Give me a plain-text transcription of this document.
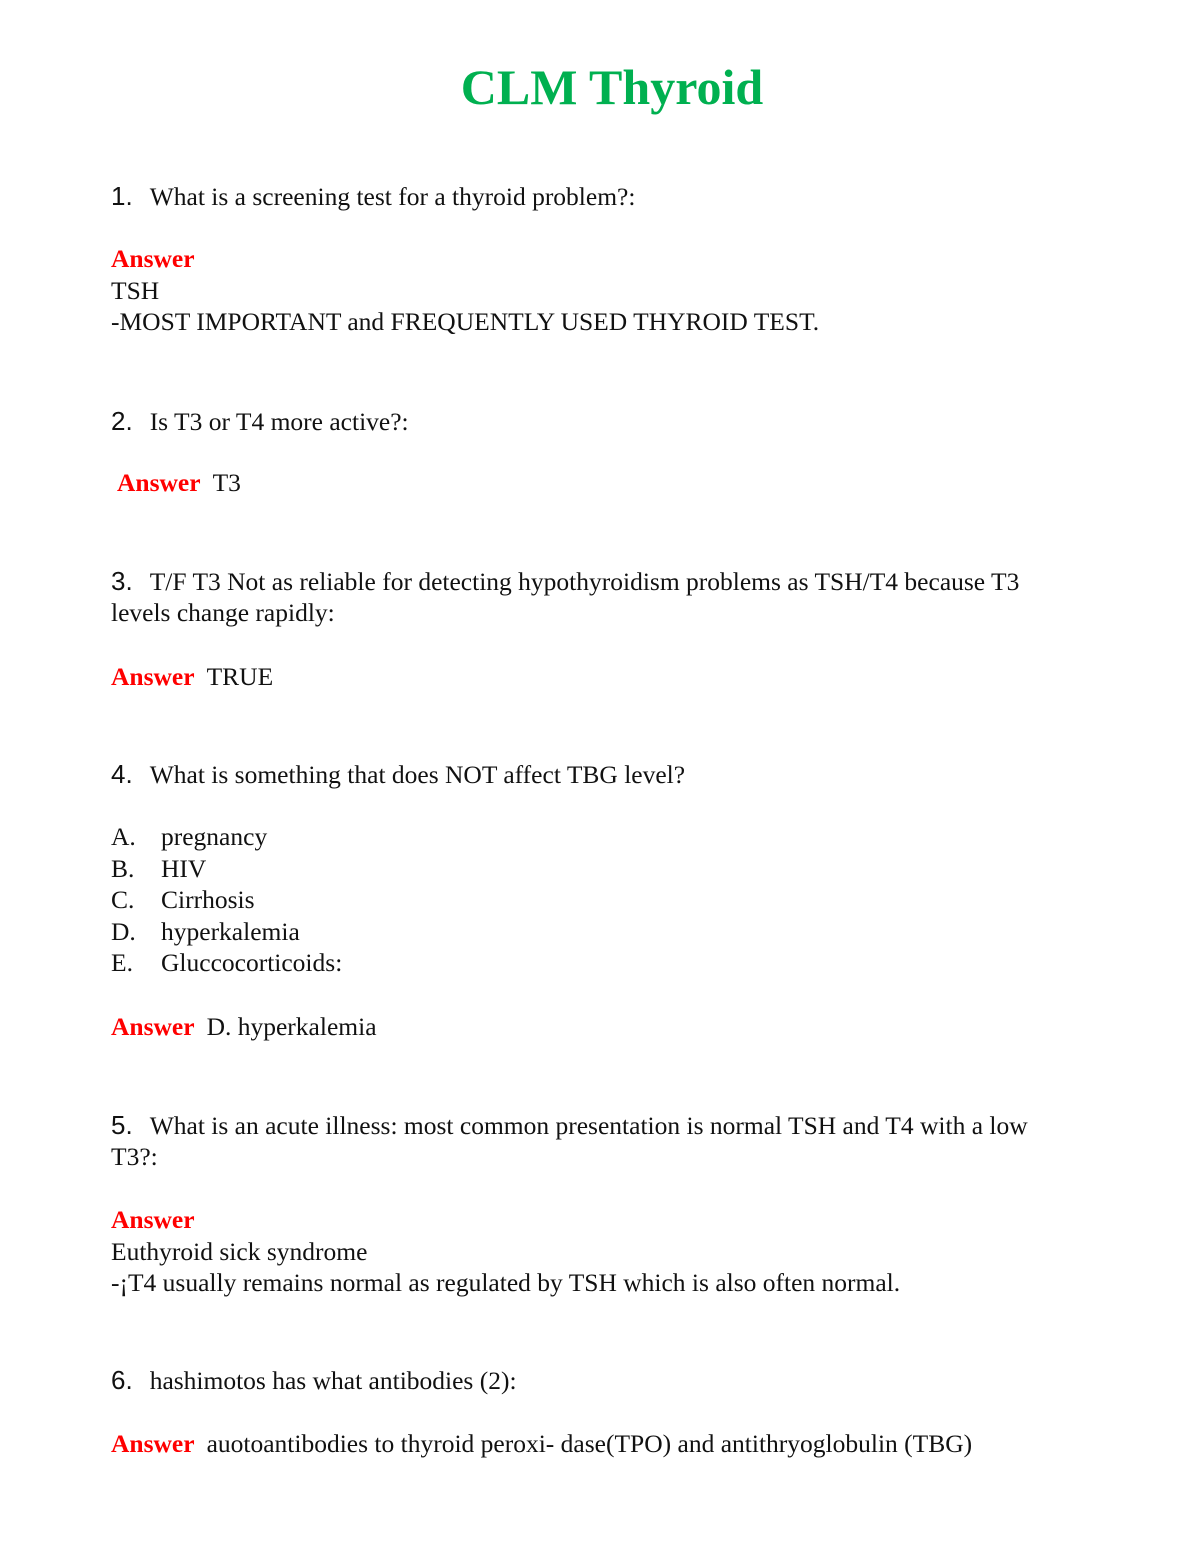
CLM Thyroid

1. What is a screening test for a thyroid problem?:

Answer
TSH
-MOST IMPORTANT and FREQUENTLY USED THYROID TEST.

2. Is T3 or T4 more active?:

Answer T3

3. T/F T3 Not as reliable for detecting hypothyroidism problems as TSH/T4 because T3
levels change rapidly:

Answer TRUE

4. What is something that does NOT affect TBG level?

A. pregnancy
B. HIV
C. Cirrhosis
D. hyperkalemia
E. Gluccocorticoids:
Answer D. hyperkalemia

5. What is an acute illness: most common presentation is normal TSH and T4 with a low
T3?:

Answer
Euthyroid sick syndrome
-¡T4 usually remains normal as regulated by TSH which is also often normal.

6. hashimotos has what antibodies (2):

Answer auotoantibodies to thyroid peroxi- dase(TPO) and antithryoglobulin (TBG)
